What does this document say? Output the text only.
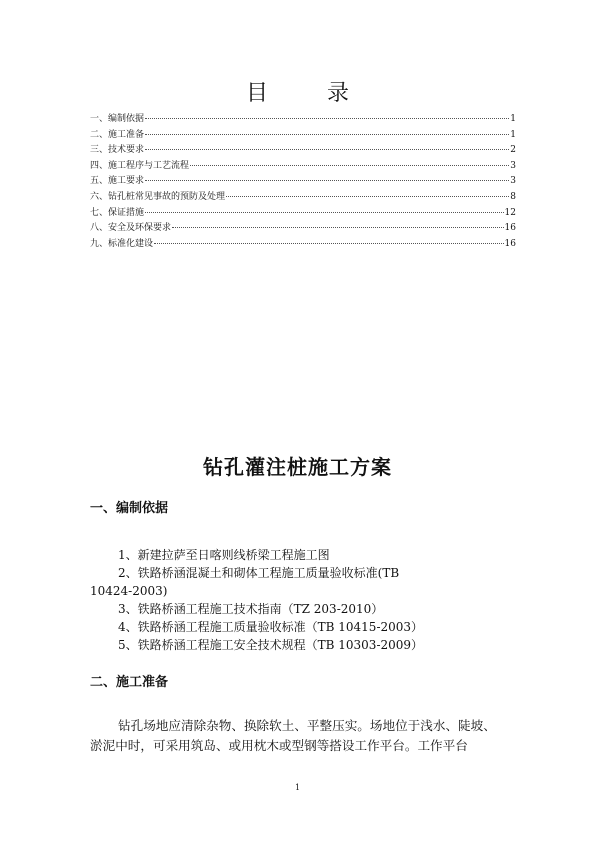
目 录
一、编制依据	1
二、施工准备	1
三、技术要求	2
四、施工程序与工艺流程	3
五、施工要求	3
六、钻孔桩常见事故的预防及处理	8
七、保证措施	12
八、安全及环保要求	16
九、标准化建设	16
钻孔灌注桩施工方案
一、编制依据
1、新建拉萨至日喀则线桥梁工程施工图
2、铁路桥涵混凝土和砌体工程施工质量验收标准(TB
10424-2003)
3、铁路桥涵工程施工技术指南（TZ 203-2010）
4、铁路桥涵工程施工质量验收标准（TB 10415-2003）
5、铁路桥涵工程施工安全技术规程（TB 10303-2009）
二、施工准备
钻孔场地应清除杂物、换除软土、平整压实。场地位于浅水、陡坡、
淤泥中时，可采用筑岛、或用枕木或型钢等搭设工作平台。工作平台
1
